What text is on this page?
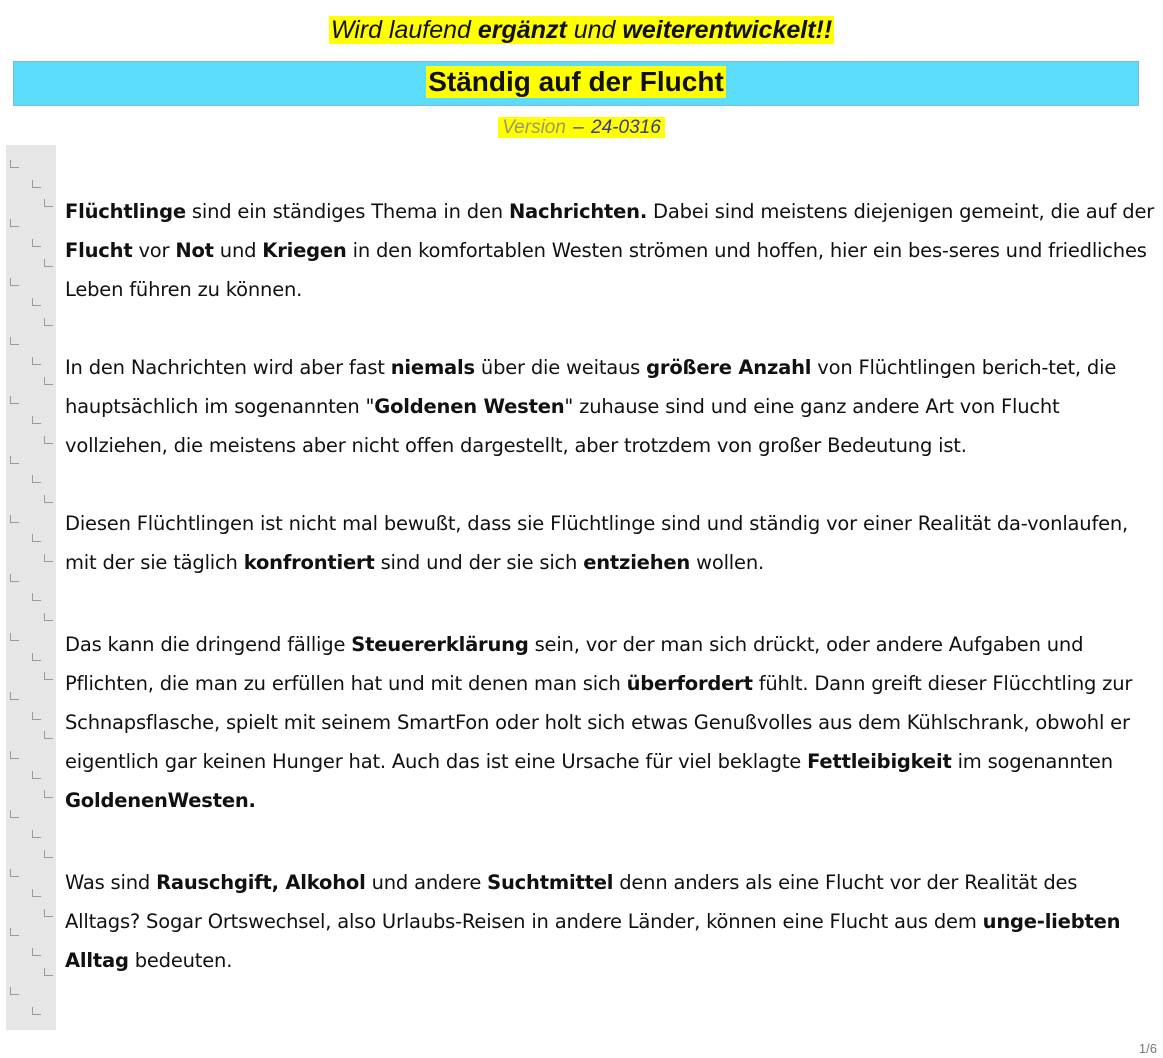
Wird laufend ergänzt und weiterentwickelt!!
Ständig auf der Flucht
Version – 24-0316

Flüchtlinge sind ein ständiges Thema in den Nachrichten. Dabei sind meistens diejenigen gemeint, die auf der Flucht vor Not und Kriegen in den komfortablen Westen strömen und hoffen, hier ein bes-seres und friedliches Leben führen zu können.

In den Nachrichten wird aber fast niemals über die weitaus größere Anzahl von Flüchtlingen berich-tet, die hauptsächlich im sogenannten "Goldenen Westen" zuhause sind und eine ganz andere Art von Flucht vollziehen, die meistens aber nicht offen dargestellt, aber trotzdem von großer Bedeutung ist.

Diesen Flüchtlingen ist nicht mal bewußt, dass sie Flüchtlinge sind und ständig vor einer Realität da-vonlaufen, mit der sie täglich konfrontiert sind und der sie sich entziehen wollen.

Das kann die dringend fällige Steuererklärung sein, vor der man sich drückt, oder andere Aufgaben und Pflichten, die man zu erfüllen hat und mit denen man sich überfordert fühlt. Dann greift dieser Flücchtling zur Schnapsflasche, spielt mit seinem SmartFon oder holt sich etwas Genußvolles aus dem Kühlschrank, obwohl er eigentlich gar keinen Hunger hat. Auch das ist eine Ursache für viel beklagte Fettleibigkeit im sogenannten GoldenenWesten.

Was sind Rauschgift, Alkohol und andere Suchtmittel denn anders als eine Flucht vor der Realität des Alltags? Sogar Ortswechsel, also Urlaubs-Reisen in andere Länder, können eine Flucht aus dem unge-liebten Alltag bedeuten.

1/6
